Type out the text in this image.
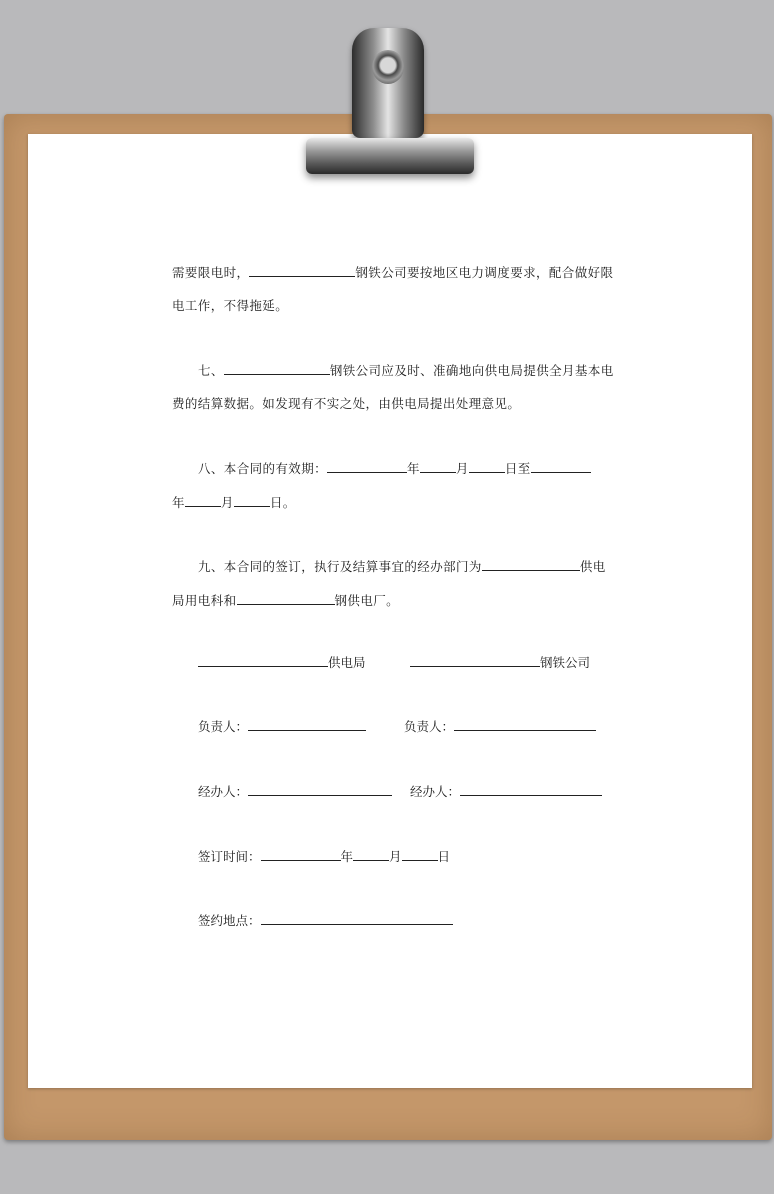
需要限电时，	钢铁公司要按地区电力调度要求，配合做好限

电工作，不得拖延。

七、	钢铁公司应及时、准确地向供电局提供全月基本电

费的结算数据。如发现有不实之处，由供电局提出处理意见。

八、本合同的有效期：	年	月	日至

年	月	日。

九、本合同的签订，执行及结算事宜的经办部门为	供电

局用电科和	钢供电厂。

供电局	钢铁公司
负责人：	负责人：
经办人：	经办人：
签订时间：	年	月	日
签约地点：
